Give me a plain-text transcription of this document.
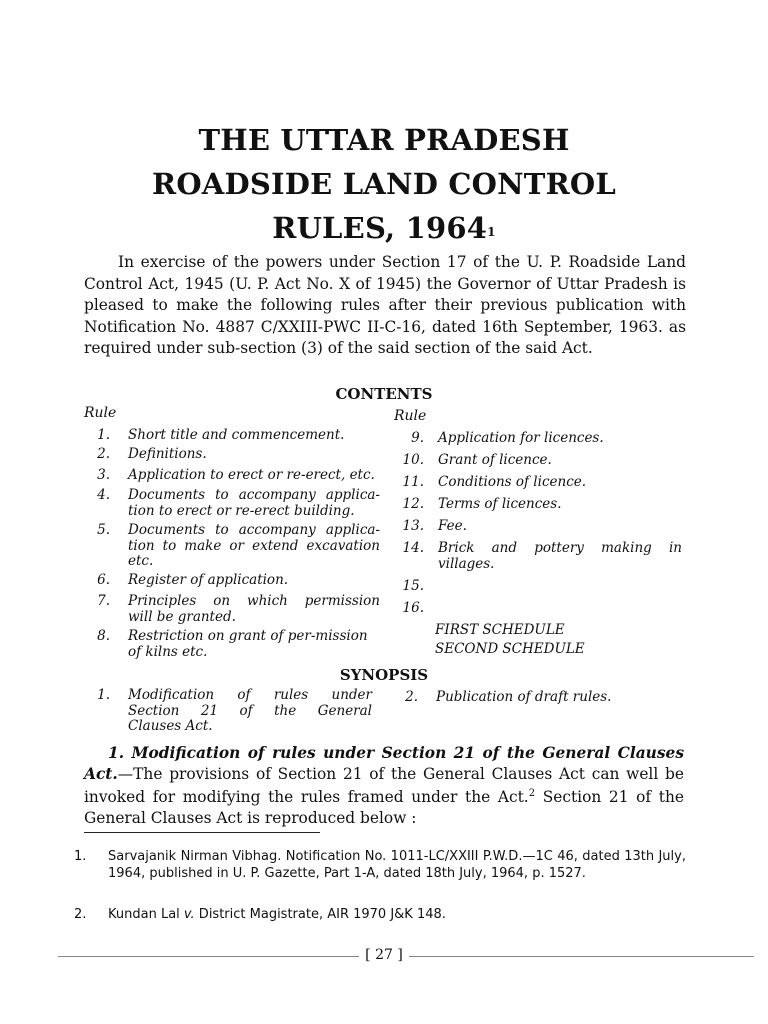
THE UTTAR PRADESH
ROADSIDE LAND CONTROL
RULES, 1964$^1$
In exercise of the powers under Section 17 of the U. P. Roadside Land Control Act, 1945 (U. P. Act No. X of 1945) the Governor of Uttar Pradesh is pleased to make the following rules after their previous publication with Notification No. 4887 C/XXIII-PWC II-C-16, dated 16th September, 1963. as required under sub-section (3) of the said section of the said Act.
CONTENTS
Rule	Rule
1. Short title and commencement.
2. Definitions.
3. Application to erect or re-erect, etc.
4. Documents to accompany applica-
tion to erect or re-erect building.
5. Documents to accompany applica-
tion to make or extend excavation
etc.
6. Register of application.
7. Principles on which permission
will be granted.
8. Restriction on grant of per-mission
of kilns etc.
9. Application for licences.
10. Grant of licence.
11. Conditions of licence.
12. Terms of licences.
13. Fee.
14. Brick and pottery making in
villages.
15.
16.
FIRST SCHEDULE
SECOND SCHEDULE
SYNOPSIS
1. Modification of rules under
Section 21 of the General
Clauses Act.
2. Publication of draft rules.
1. Modification of rules under Section 21 of the General Clauses Act.—The provisions of Section 21 of the General Clauses Act can well be invoked for modifying the rules framed under the Act.$^2$ Section 21 of the General Clauses Act is reproduced below :
1. Sarvajanik Nirman Vibhag. Notification No. 1011-LC/XXIII P.W.D.—1C 46, dated 13th July, 1964, published in U. P. Gazette, Part 1-A, dated 18th July, 1964, p. 1527.
2. Kundan Lal v. District Magistrate, AIR 1970 J&K 148.
[ 27 ]
